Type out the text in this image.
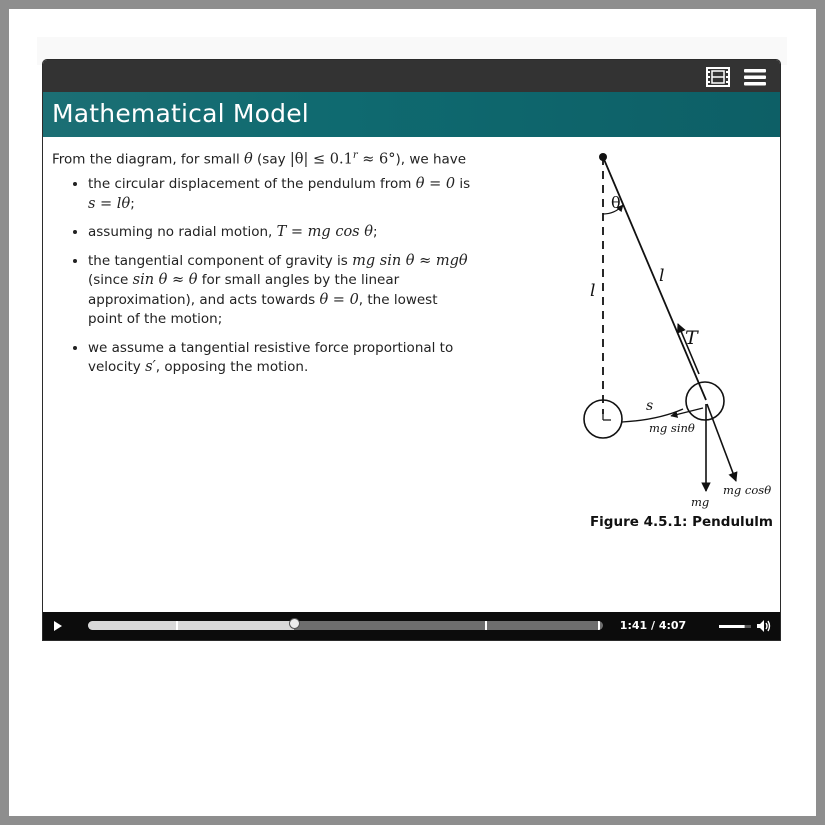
Mathematical Model

From the diagram, for small θ (say $|\theta| \le 0.1^r \approx 6^\circ$), we have

• the circular displacement of the pendulum from θ = 0 is s = lθ;
• assuming no radial motion, T = mg cos θ;
• the tangential component of gravity is mg sin θ ≈ mgθ (since sin θ ≈ θ for small angles by the linear approximation), and acts towards θ = 0, the lowest point of the motion;
• we assume a tangential resistive force proportional to velocity s′, opposing the motion.
θ
l
l
T
s
mg sinθ
mg
mg cosθ
Figure 4.5.1: Pendululm
1:41 / 4:07
